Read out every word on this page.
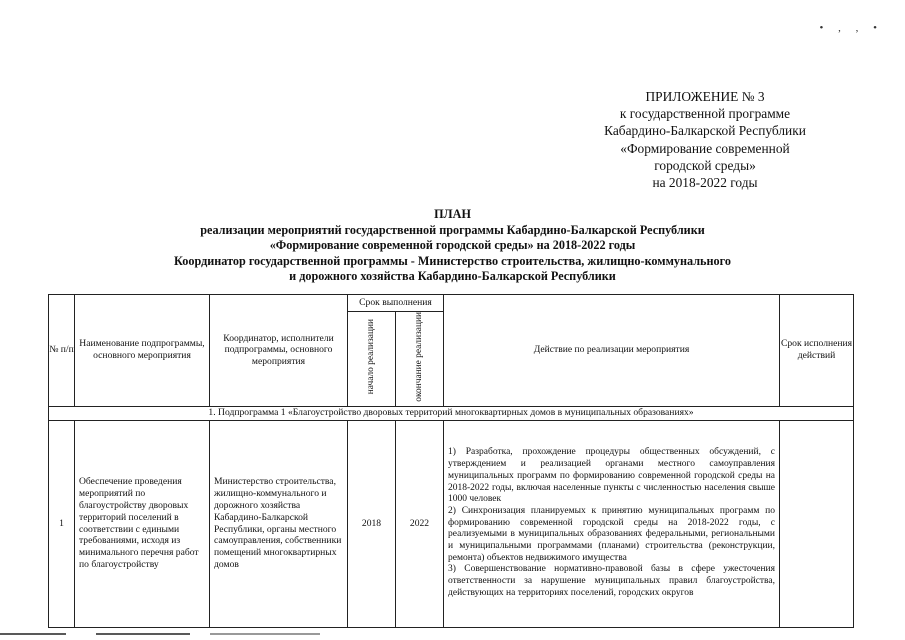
• , , •
ПРИЛОЖЕНИЕ № 3
к государственной программе
Кабардино-Балкарской Республики
«Формирование современной
городской среды»
на 2018-2022 годы
ПЛАН
реализации мероприятий государственной программы Кабардино-Балкарской Республики
«Формирование современной городской среды» на 2018-2022 годы
Координатор государственной программы - Министерство строительства, жилищно-коммунального
и дорожного хозяйства Кабардино-Балкарской Республики
№ п/п	Наименование подпрограммы, основного мероприятия	Координатор, исполнители подпрограммы, основного мероприятия	Срок выполнения		Действие по реализации мероприятия	Срок исполнения действий
			начало реализации	окончание реализации		
1. Подпрограмма 1 «Благоустройство дворовых территорий многоквартирных домов в муниципальных образованиях»						
1	Обеспечение проведения мероприятий по благоустройству дворовых территорий поселений в соответствии с едиными требованиями, исходя из минимального перечня работ по благоустройству	Министерство строительства, жилищно-коммунального и дорожного хозяйства Кабардино-Балкарской Республики, органы местного самоуправления, собственники помещений многоквартирных домов	2018	2022	1) Разработка, прохождение процедуры общественных обсуждений, с утверждением и реализацией органами местного самоуправления муниципальных программ по формированию современной городской среды на 2018-2022 годы, включая населенные пункты с численностью населения свыше 1000 человек

2) Синхронизация планируемых к принятию муниципальных программ по формированию современной городской среды на 2018-2022 годы, с реализуемыми в муниципальных образованиях федеральными, региональными и муниципальными программами (планами) строительства (реконструкции, ремонта) объектов недвижимого имущества

3) Совершенствование нормативно-правовой базы в сфере ужесточения ответственности за нарушение муниципальных правил благоустройства, действующих на территориях поселений, городских округов	
